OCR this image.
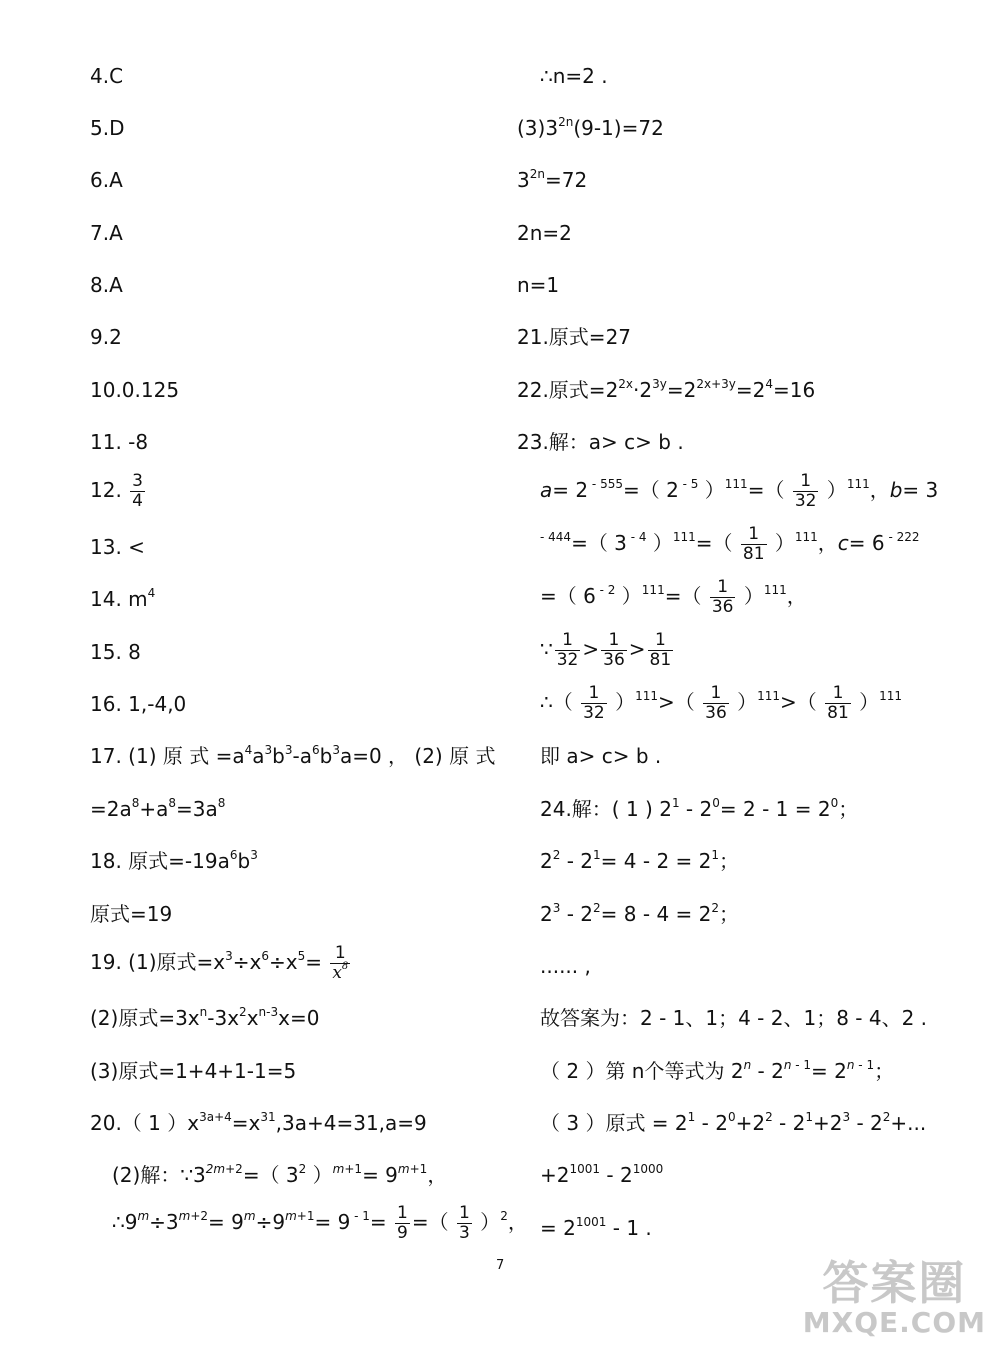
4.C
5.D
6.A
7.A
8.A
9.2
10.0.125
11. -8
12. $\frac{3}{4}$
13. <
14. $m^4$
15. 8
16. 1,-4,0
17. (1) 原 式 $=a^4a^3b^3-a^6b^3a=0$ ， (2) 原 式
$=2a^8+a^8=3a^8$
18. 原式$=-19a^6b^3$
原式=19
19. (1)原式$=x^3\div x^6\div x^5= \frac{1}{x^8}$
(2)原式$=3x^n-3x^2x^{n-3}x=0$
(3)原式=1+4+1-1=5
20.（ 1 ）$x^{3a+4}=x^{31},3a+4=31,a=9$
(2)解：$\because 3^{2m+2}=$（ $3^2$ ）$^{m+1}= 9^{m+1}$，
$\therefore 9^m\div 3^{m+2}= 9^m\div 9^{m+1}= 9$ $^{- 1}= \frac{1}{9}$ =（ $\frac{1}{3} )^2$，
∴n=2 .
$(3)3^{2n}(9-1)=72$
$3^{2n}=72$
2n=2
n=1
21.原式=27
22.原式$=2^{2x}\cdot 2^{3y}=2^{2x+3y}=2^4=16$
23.解：a> c> b .
a= 2 $^{- 555}$=（ 2 $^{- 5}$ ）$^{111}=( \frac{1}{32} )^{111}$，b= 3
$^{- 444}$=（ 3 $^{- 4}$ ）$^{111}=( \frac{1}{81} )^{111}$，c= 6 $^{- 222}$
=（ 6 $^{- 2}$ ）$^{111}=( \frac{1}{36} )^{111}$，
∵ $\frac{1}{32} > \frac{1}{36} > \frac{1}{81}$
∴（ $\frac{1}{32} )^{111}>( \frac{1}{36} )^{111}>( \frac{1}{81} )^{111}$
即 a> c> b .
24.解：( 1 ) $2^1 - 2^0= 2 - 1 = 2^0$；
$2^2 - 2^1= 4 - 2 = 2^1$；
$2^3 - 2^2= 8 - 4 = 2^2$；
...... ,
故答案为：2 - 1、1；4 - 2、1；8 - 4、2 .
（ 2 ）第 n个等式为 $2^n - 2^{n - 1}= 2^{n - 1}$；
（ 3 ）原式 = $2^1 - 2^0+2^2 - 2^1+2^3 - 2^2+$...
$+2^{1001} - 2^{1000}$
= $2^{1001} - 1$ .
7	答案圈
MXQE.COM
